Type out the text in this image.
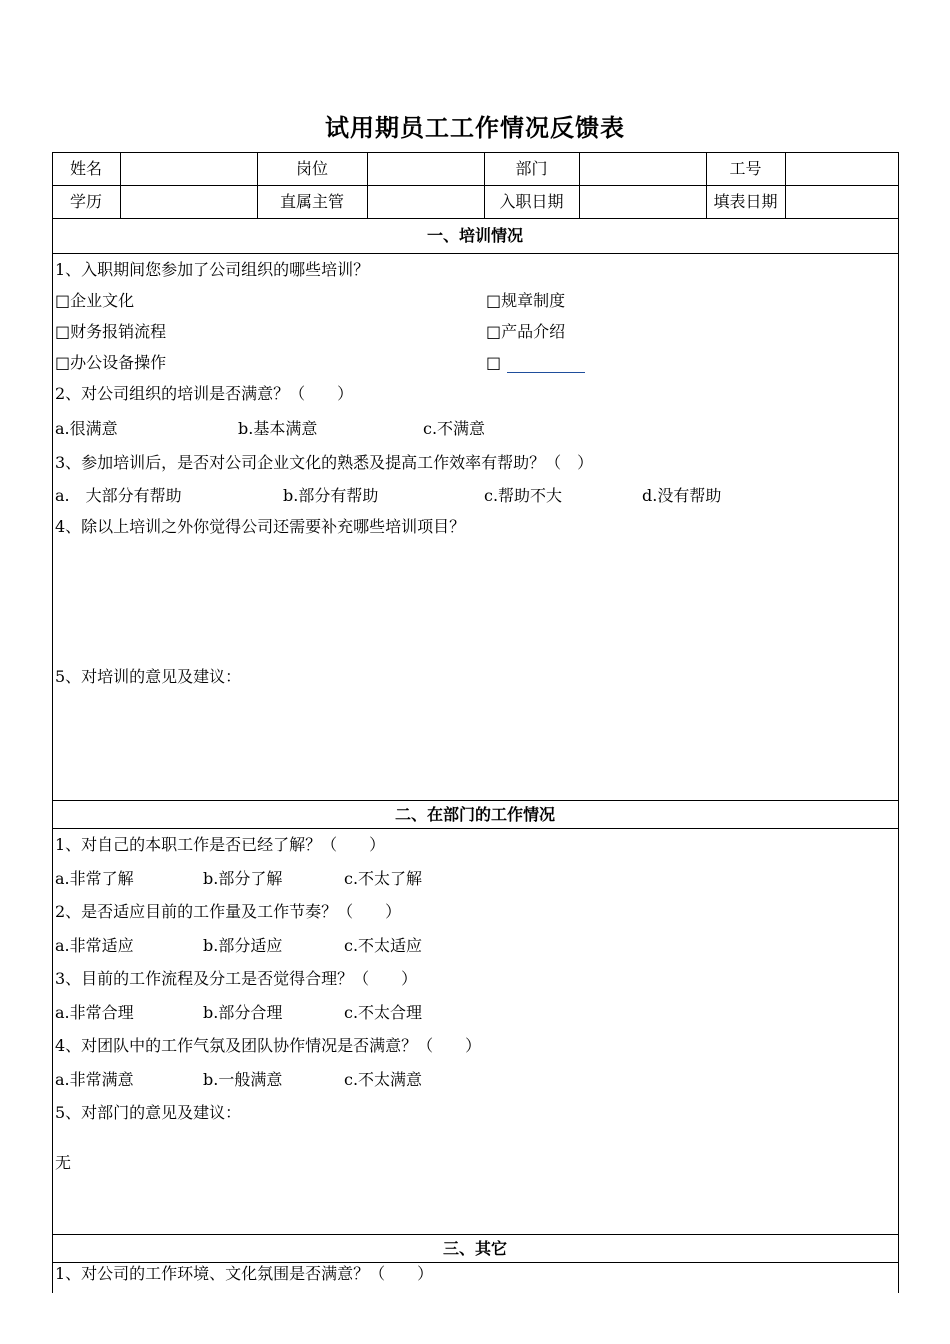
试用期员工工作情况反馈表
姓名	岗位	部门	工号
学历	直属主管	入职日期	填表日期
一、培训情况
1、入职期间您参加了公司组织的哪些培训？
□企业文化	□规章制度
□财务报销流程	□产品介绍
□办公设备操作	□
2、对公司组织的培训是否满意？（　　）
a.很满意	b.基本满意	c.不满意
3、参加培训后，是否对公司企业文化的熟悉及提高工作效率有帮助？（　）
a.　大部分有帮助	b.部分有帮助	c.帮助不大	d.没有帮助
4、除以上培训之外你觉得公司还需要补充哪些培训项目？
5、对培训的意见及建议：
二、在部门的工作情况
1、对自己的本职工作是否已经了解？（　　）
a.非常了解	b.部分了解	c.不太了解
2、是否适应目前的工作量及工作节奏？（　　）
a.非常适应	b.部分适应	c.不太适应
3、目前的工作流程及分工是否觉得合理？（　　）
a.非常合理	b.部分合理	c.不太合理
4、对团队中的工作气氛及团队协作情况是否满意？（　　）
a.非常满意	b.一般满意	c.不太满意
5、对部门的意见及建议：
无
三、其它
1、对公司的工作环境、文化氛围是否满意？（　　）
